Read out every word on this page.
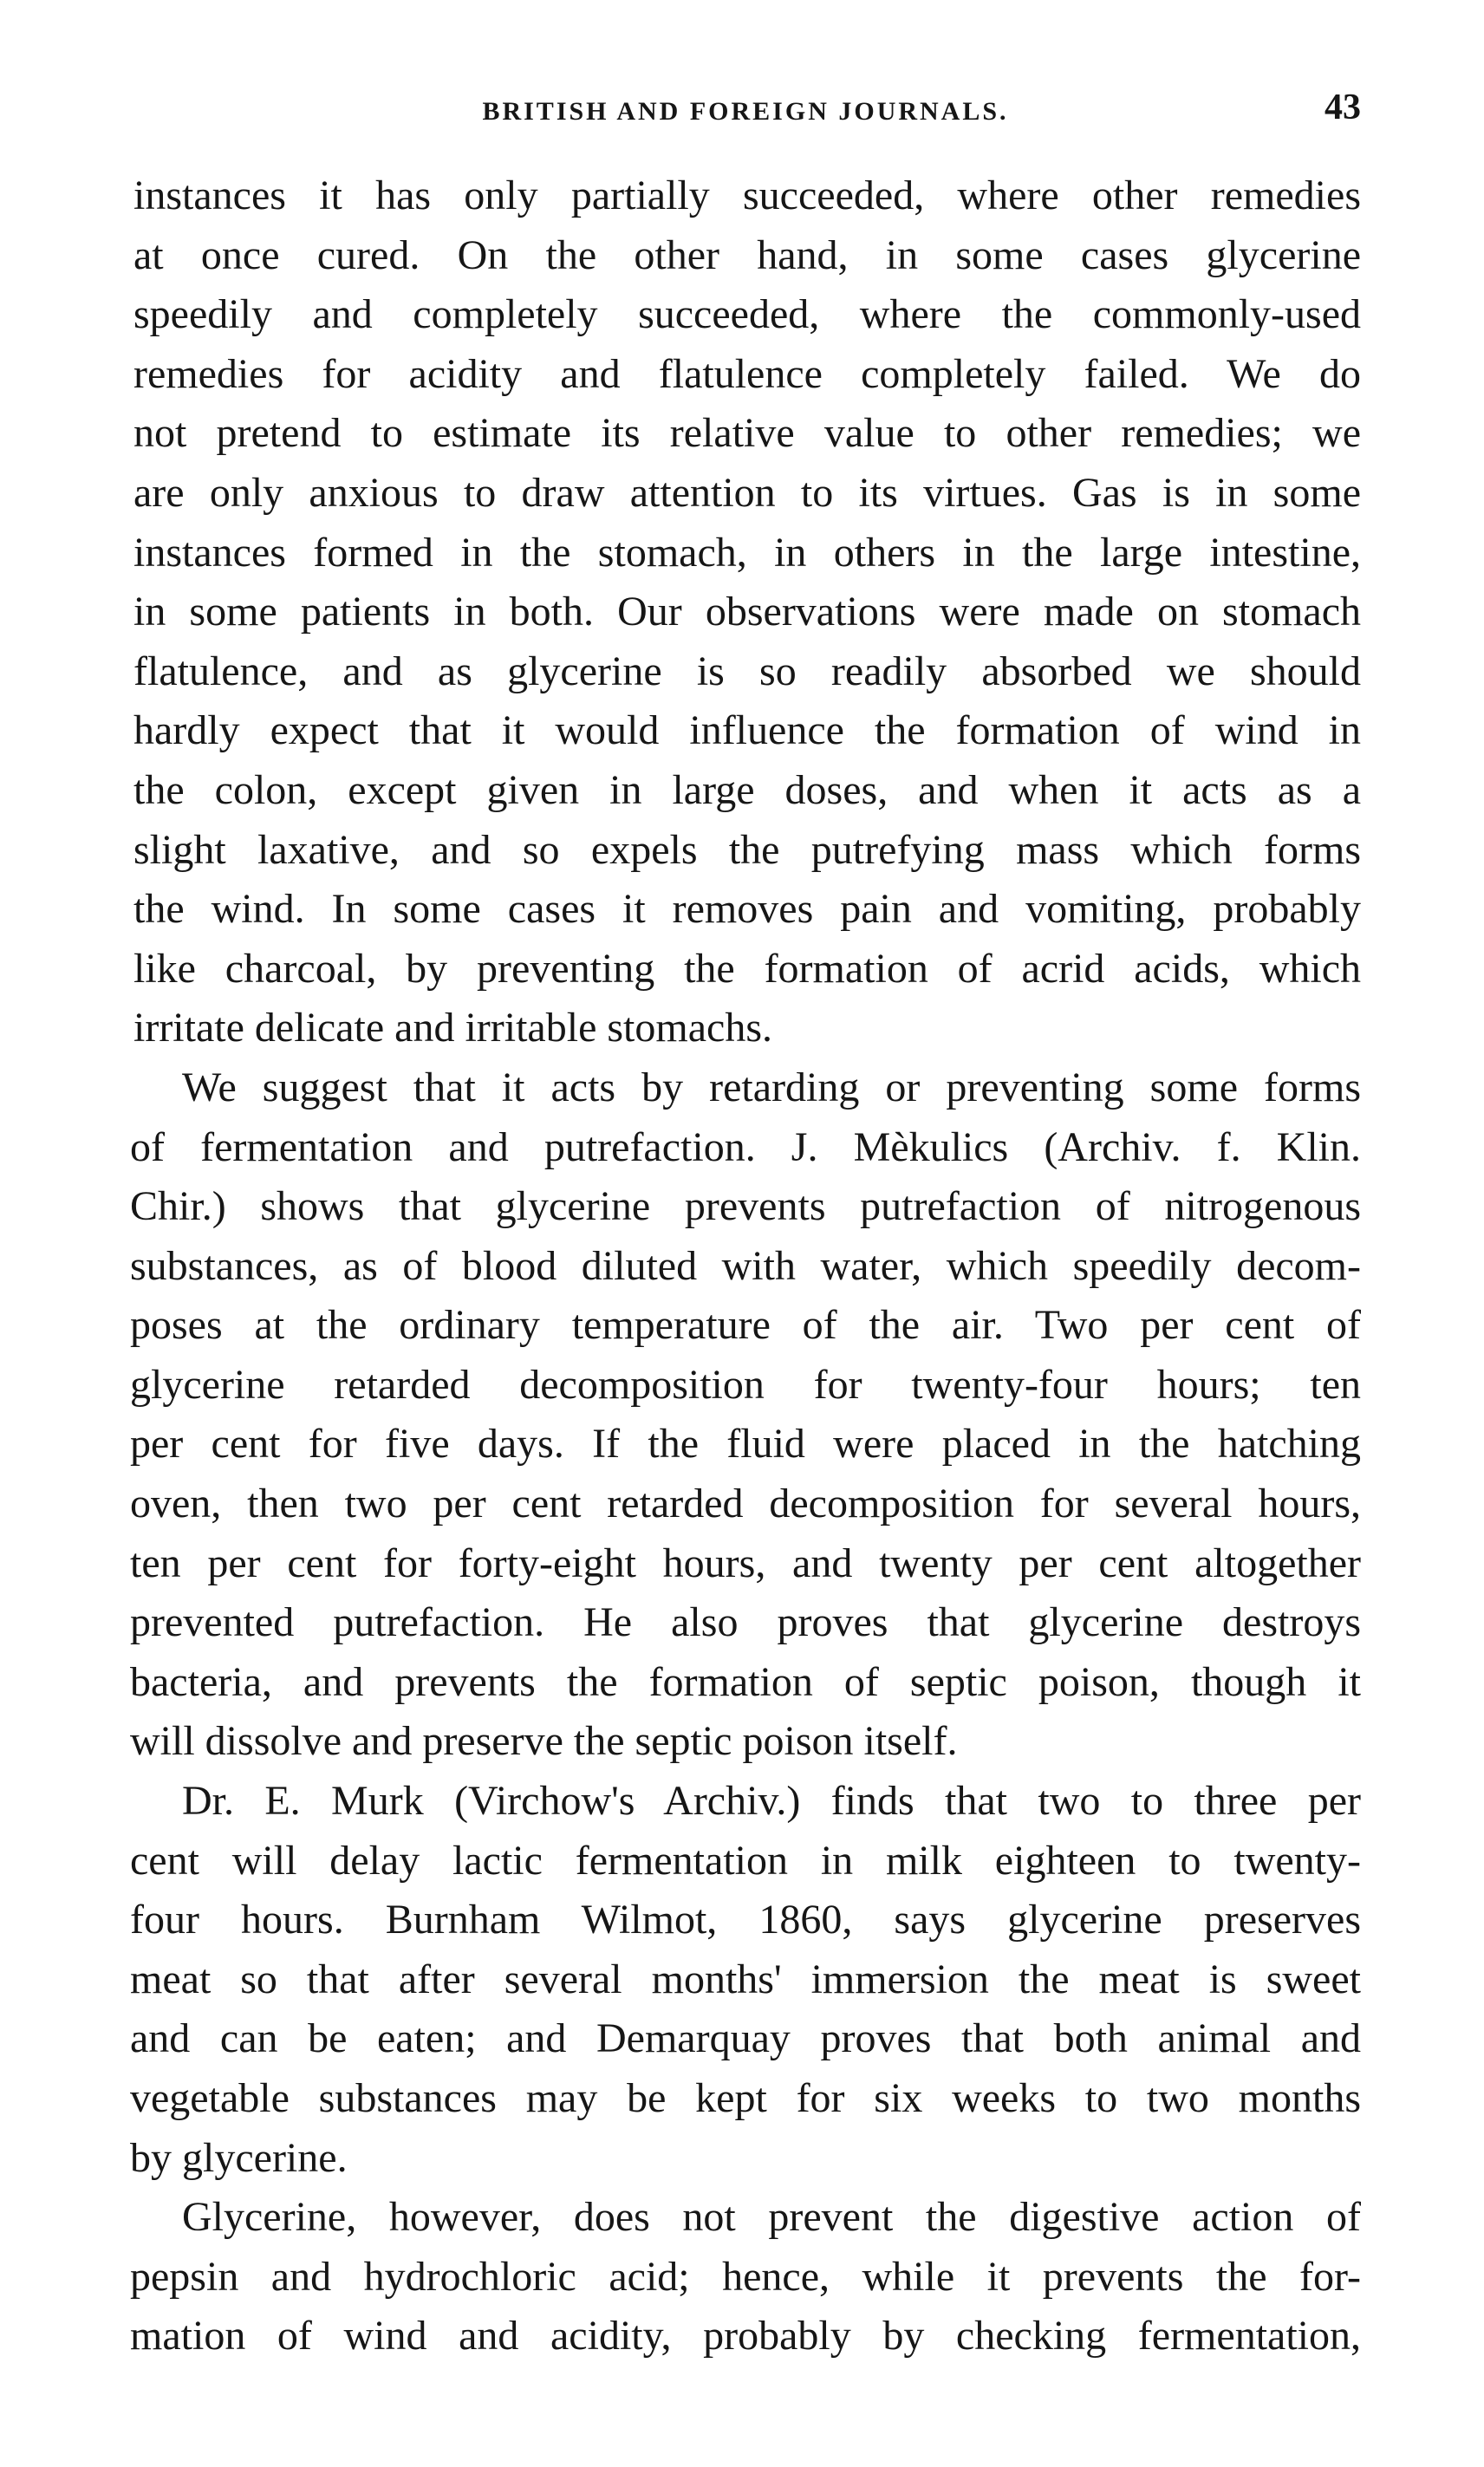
BRITISH AND FOREIGN JOURNALS.	43
instances it has only partially succeeded, where other remedies
at once cured. On the other hand, in some cases glycerine
speedily and completely succeeded, where the commonly-used
remedies for acidity and flatulence completely failed. We do
not pretend to estimate its relative value to other remedies; we
are only anxious to draw attention to its virtues. Gas is in some
instances formed in the stomach, in others in the large intestine,
in some patients in both. Our observations were made on stomach
flatulence, and as glycerine is so readily absorbed we should
hardly expect that it would influence the formation of wind in
the colon, except given in large doses, and when it acts as a
slight laxative, and so expels the putrefying mass which forms
the wind. In some cases it removes pain and vomiting, probably
like charcoal, by preventing the formation of acrid acids, which
irritate delicate and irritable stomachs.
We suggest that it acts by retarding or preventing some forms
of fermentation and putrefaction. J. Mèkulics (Archiv. f. Klin.
Chir.) shows that glycerine prevents putrefaction of nitrogenous
substances, as of blood diluted with water, which speedily decom-
poses at the ordinary temperature of the air. Two per cent of
glycerine retarded decomposition for twenty-four hours; ten
per cent for five days. If the fluid were placed in the hatching
oven, then two per cent retarded decomposition for several hours,
ten per cent for forty-eight hours, and twenty per cent altogether
prevented putrefaction. He also proves that glycerine destroys
bacteria, and prevents the formation of septic poison, though it
will dissolve and preserve the septic poison itself.
Dr. E. Murk (Virchow's Archiv.) finds that two to three per
cent will delay lactic fermentation in milk eighteen to twenty-
four hours. Burnham Wilmot, 1860, says glycerine preserves
meat so that after several months' immersion the meat is sweet
and can be eaten; and Demarquay proves that both animal and
vegetable substances may be kept for six weeks to two months
by glycerine.
Glycerine, however, does not prevent the digestive action of
pepsin and hydrochloric acid; hence, while it prevents the for-
mation of wind and acidity, probably by checking fermentation,
